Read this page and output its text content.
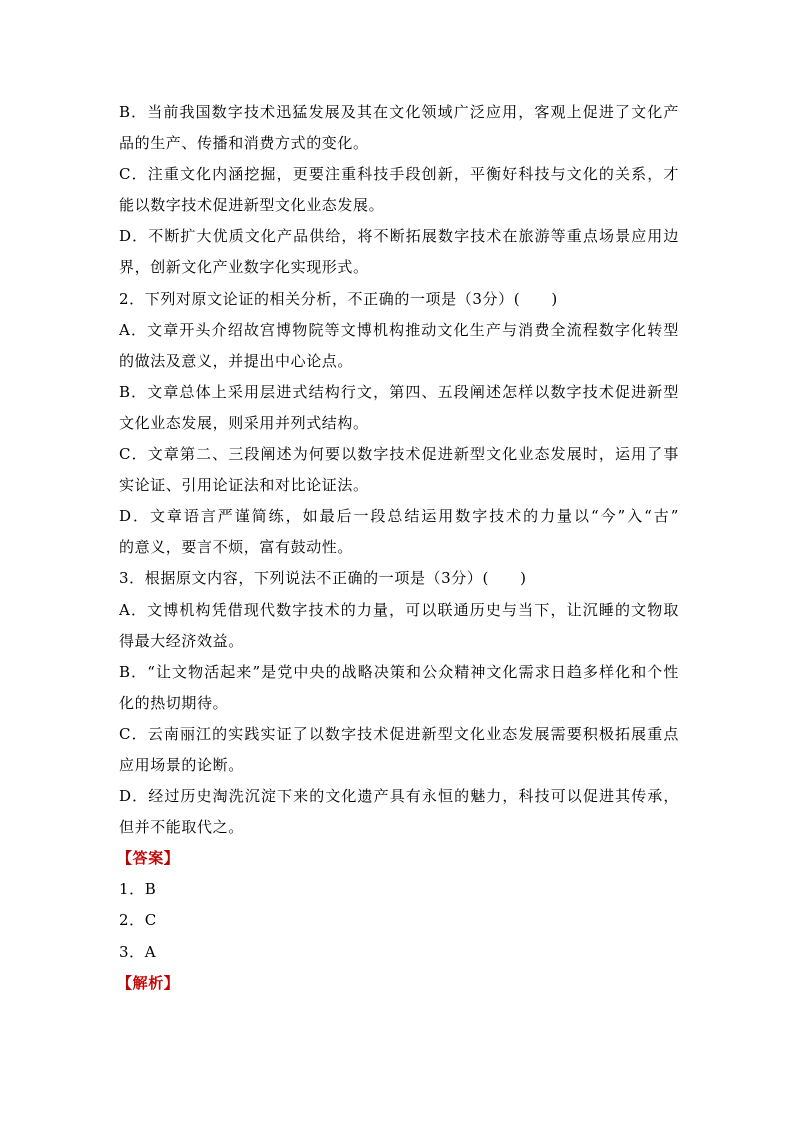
B．当前我国数字技术迅猛发展及其在文化领域广泛应用，客观上促进了文化产
品的生产、传播和消费方式的变化。
C．注重文化内涵挖掘，更要注重科技手段创新，平衡好科技与文化的关系，才
能以数字技术促进新型文化业态发展。
D．不断扩大优质文化产品供给，将不断拓展数字技术在旅游等重点场景应用边
界，创新文化产业数字化实现形式。
2．下列对原文论证的相关分析，不正确的一项是（3分）(　　)
A．文章开头介绍故宫博物院等文博机构推动文化生产与消费全流程数字化转型
的做法及意义，并提出中心论点。
B．文章总体上采用层进式结构行文，第四、五段阐述怎样以数字技术促进新型
文化业态发展，则采用并列式结构。
C．文章第二、三段阐述为何要以数字技术促进新型文化业态发展时，运用了事
实论证、引用论证法和对比论证法。
D．文章语言严谨简练，如最后一段总结运用数字技术的力量以“今”入“古”
的意义，要言不烦，富有鼓动性。
3．根据原文内容，下列说法不正确的一项是（3分）(　　)
A．文博机构凭借现代数字技术的力量，可以联通历史与当下，让沉睡的文物取
得最大经济效益。
B．“让文物活起来”是党中央的战略决策和公众精神文化需求日趋多样化和个性
化的热切期待。
C．云南丽江的实践实证了以数字技术促进新型文化业态发展需要积极拓展重点
应用场景的论断。
D．经过历史淘洗沉淀下来的文化遗产具有永恒的魅力，科技可以促进其传承，
但并不能取代之。
【答案】
1．B
2．C
3．A
【解析】
